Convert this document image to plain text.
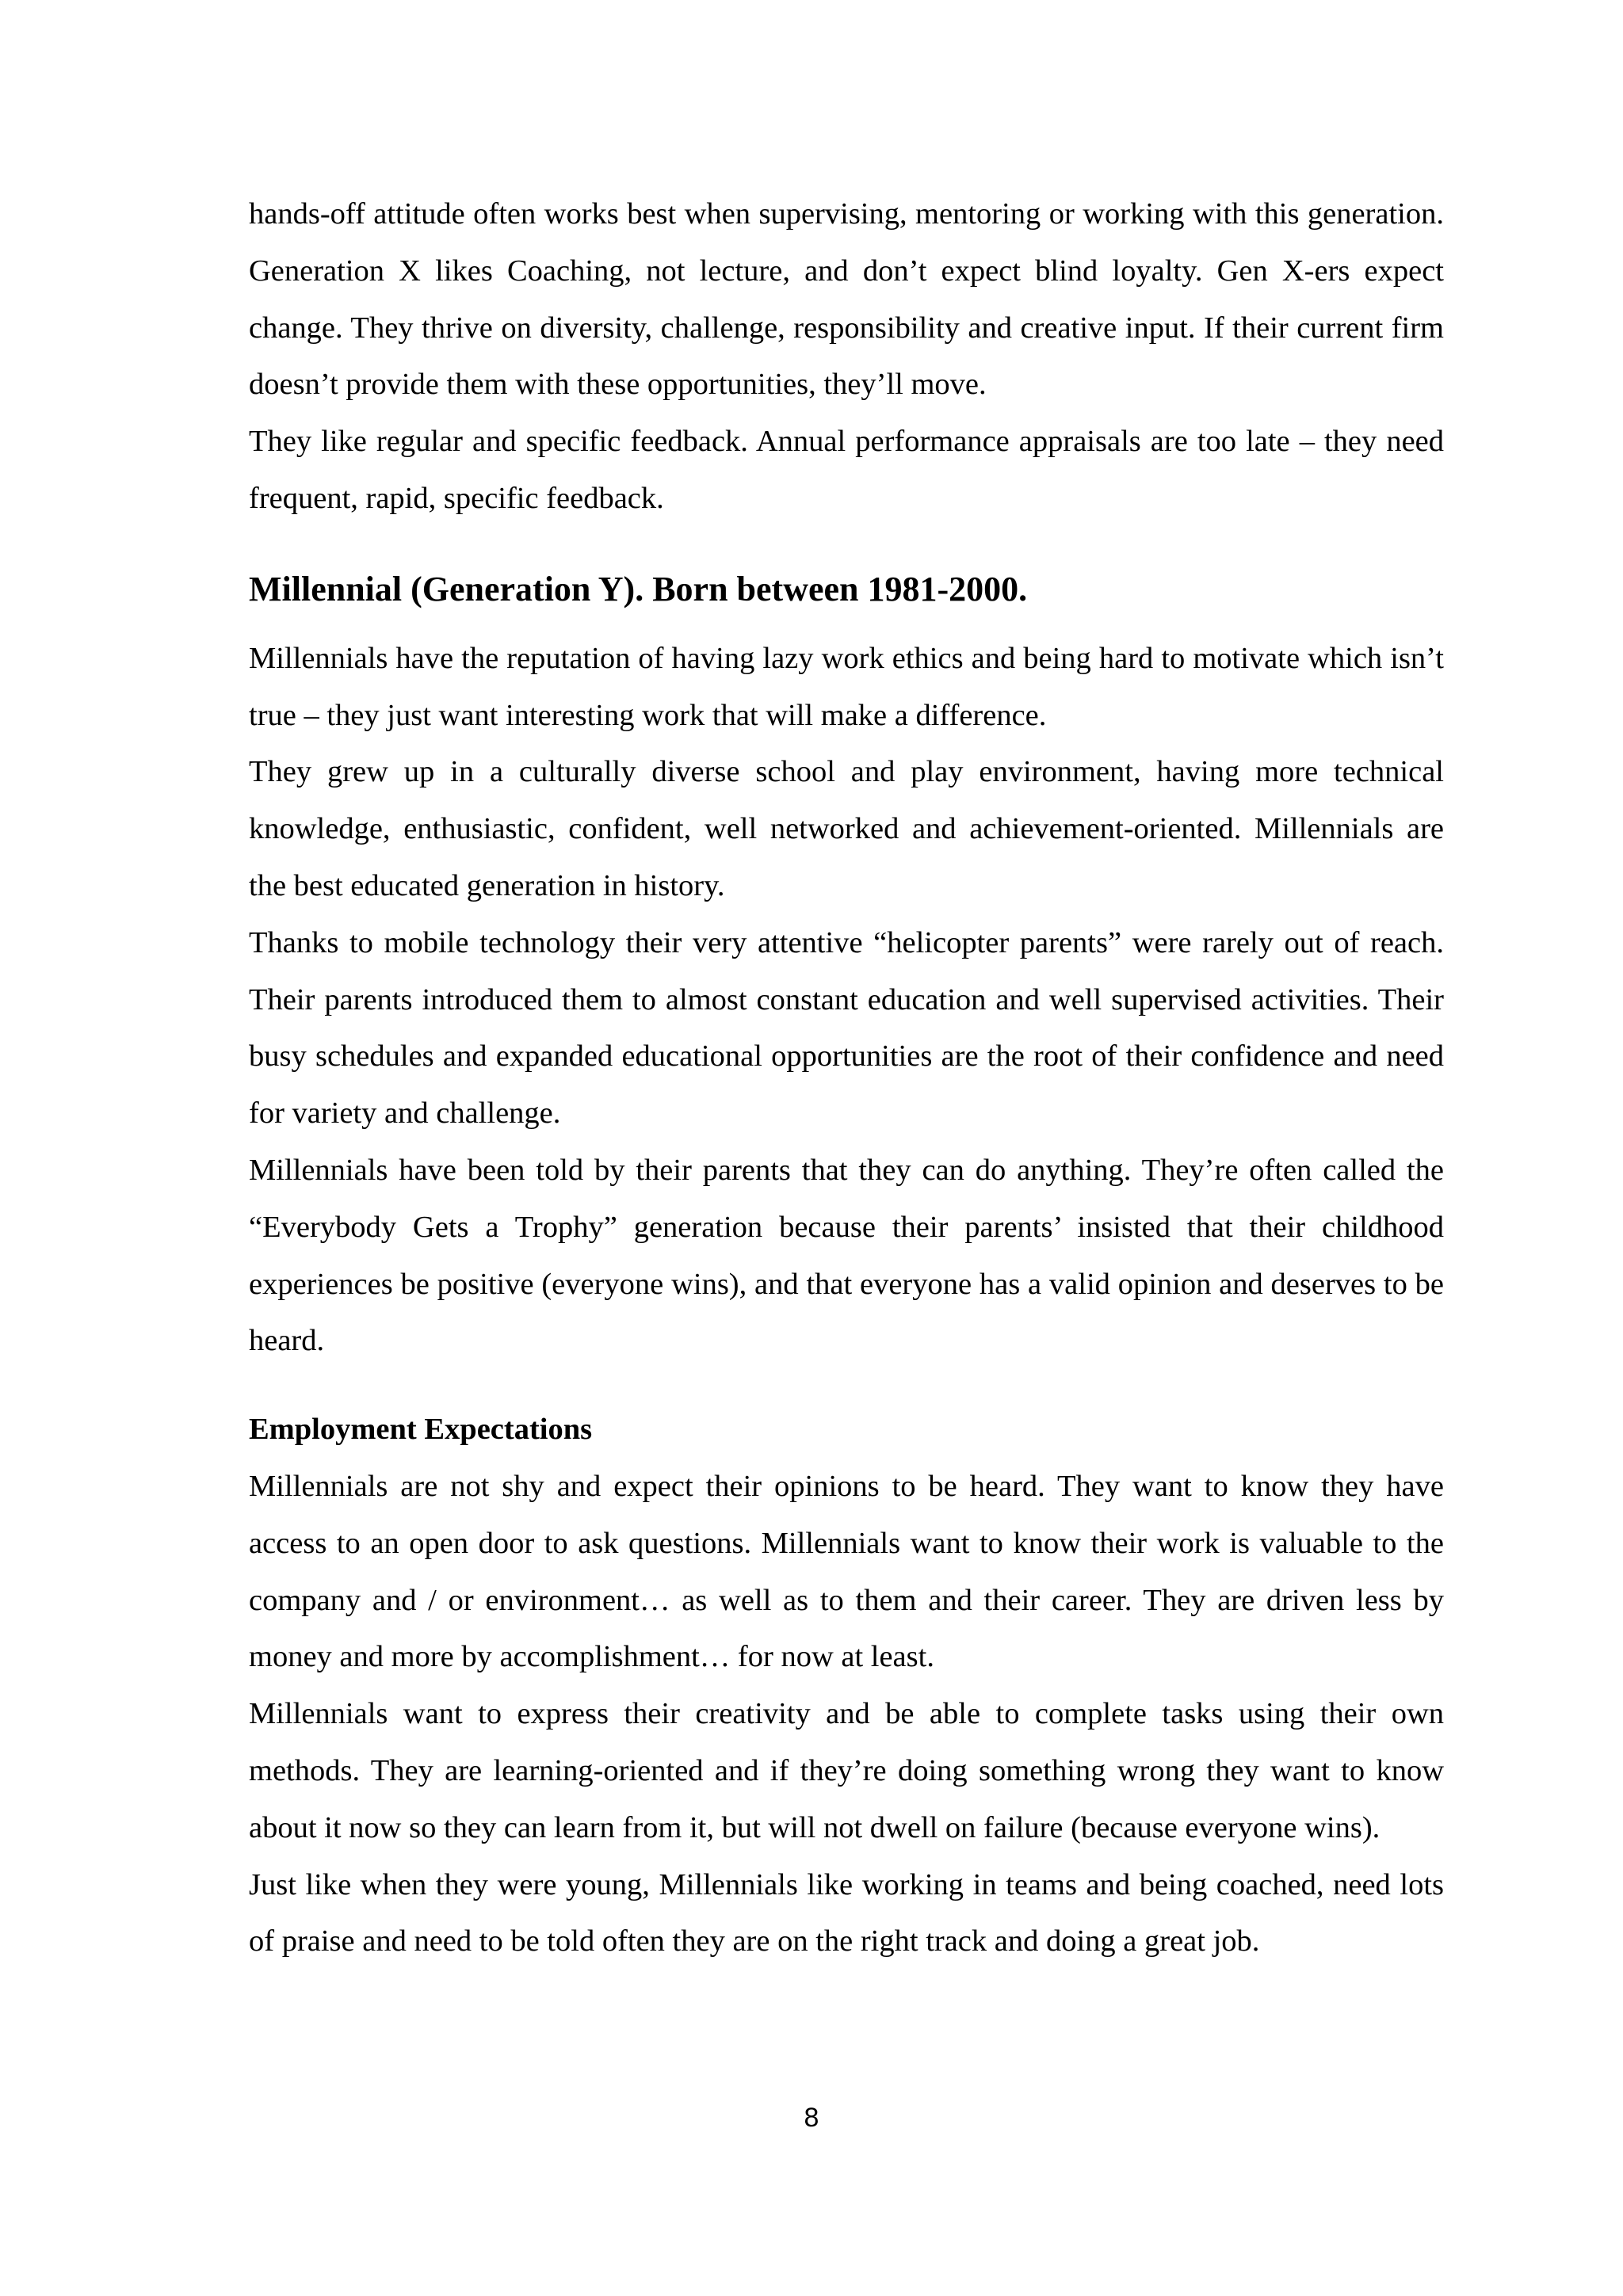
hands-off attitude often works best when supervising, mentoring or working with this generation. Generation X likes Coaching, not lecture, and don’t expect blind loyalty. Gen X-ers expect change. They thrive on diversity, challenge, responsibility and creative input. If their current firm doesn’t provide them with these opportunities, they’ll move.

They like regular and specific feedback. Annual performance appraisals are too late – they need frequent, rapid, specific feedback.

Millennial (Generation Y). Born between 1981-2000.

Millennials have the reputation of having lazy work ethics and being hard to motivate which isn’t true – they just want interesting work that will make a difference.

They grew up in a culturally diverse school and play environment, having more technical knowledge, enthusiastic, confident, well networked and achievement-oriented. Millennials are the best educated generation in history.

Thanks to mobile technology their very attentive “helicopter parents” were rarely out of reach. Their parents introduced them to almost constant education and well supervised activities. Their busy schedules and expanded educational opportunities are the root of their confidence and need for variety and challenge.

Millennials have been told by their parents that they can do anything. They’re often called the “Everybody Gets a Trophy” generation because their parents’ insisted that their childhood experiences be positive (everyone wins), and that everyone has a valid opinion and deserves to be heard.

Employment Expectations

Millennials are not shy and expect their opinions to be heard. They want to know they have access to an open door to ask questions. Millennials want to know their work is valuable to the company and / or environment… as well as to them and their career. They are driven less by money and more by accomplishment… for now at least.

Millennials want to express their creativity and be able to complete tasks using their own methods. They are learning-oriented and if they’re doing something wrong they want to know about it now so they can learn from it, but will not dwell on failure (because everyone wins).

Just like when they were young, Millennials like working in teams and being coached, need lots of praise and need to be told often they are on the right track and doing a great job.

8
